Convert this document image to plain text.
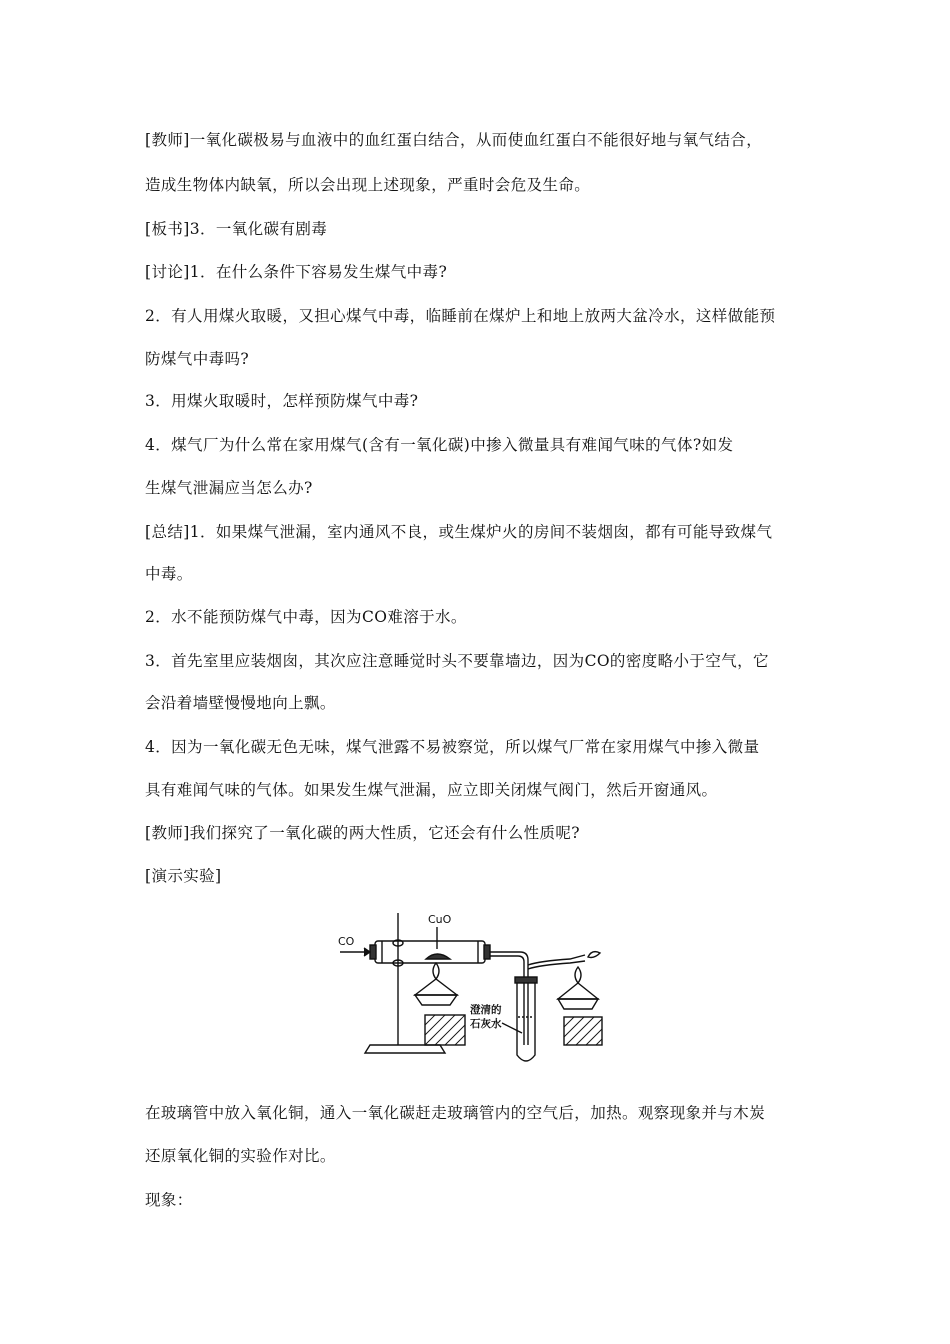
[教师]一氧化碳极易与血液中的血红蛋白结合，从而使血红蛋白不能很好地与氧气结合，
造成生物体内缺氧，所以会出现上述现象，严重时会危及生命。
[板书]3．一氧化碳有剧毒
[讨论]1．在什么条件下容易发生煤气中毒?
2．有人用煤火取暖，又担心煤气中毒，临睡前在煤炉上和地上放两大盆冷水，这样做能预
防煤气中毒吗?
3．用煤火取暖时，怎样预防煤气中毒?
4．煤气厂为什么常在家用煤气(含有一氧化碳)中掺入微量具有难闻气味的气体?如发
生煤气泄漏应当怎么办?
[总结]1．如果煤气泄漏，室内通风不良，或生煤炉火的房间不装烟囱，都有可能导致煤气
中毒。
2．水不能预防煤气中毒，因为CO难溶于水。
3．首先室里应装烟囱，其次应注意睡觉时头不要靠墙边，因为CO的密度略小于空气，它
会沿着墙壁慢慢地向上飘。
4．因为一氧化碳无色无味，煤气泄露不易被察觉，所以煤气厂常在家用煤气中掺入微量
具有难闻气味的气体。如果发生煤气泄漏，应立即关闭煤气阀门，然后开窗通风。
[教师]我们探究了一氧化碳的两大性质，它还会有什么性质呢?
[演示实验]
CO
CuO
澄清的
石灰水
在玻璃管中放入氧化铜，通入一氧化碳赶走玻璃管内的空气后，加热。观察现象并与木炭
还原氧化铜的实验作对比。
现象：
